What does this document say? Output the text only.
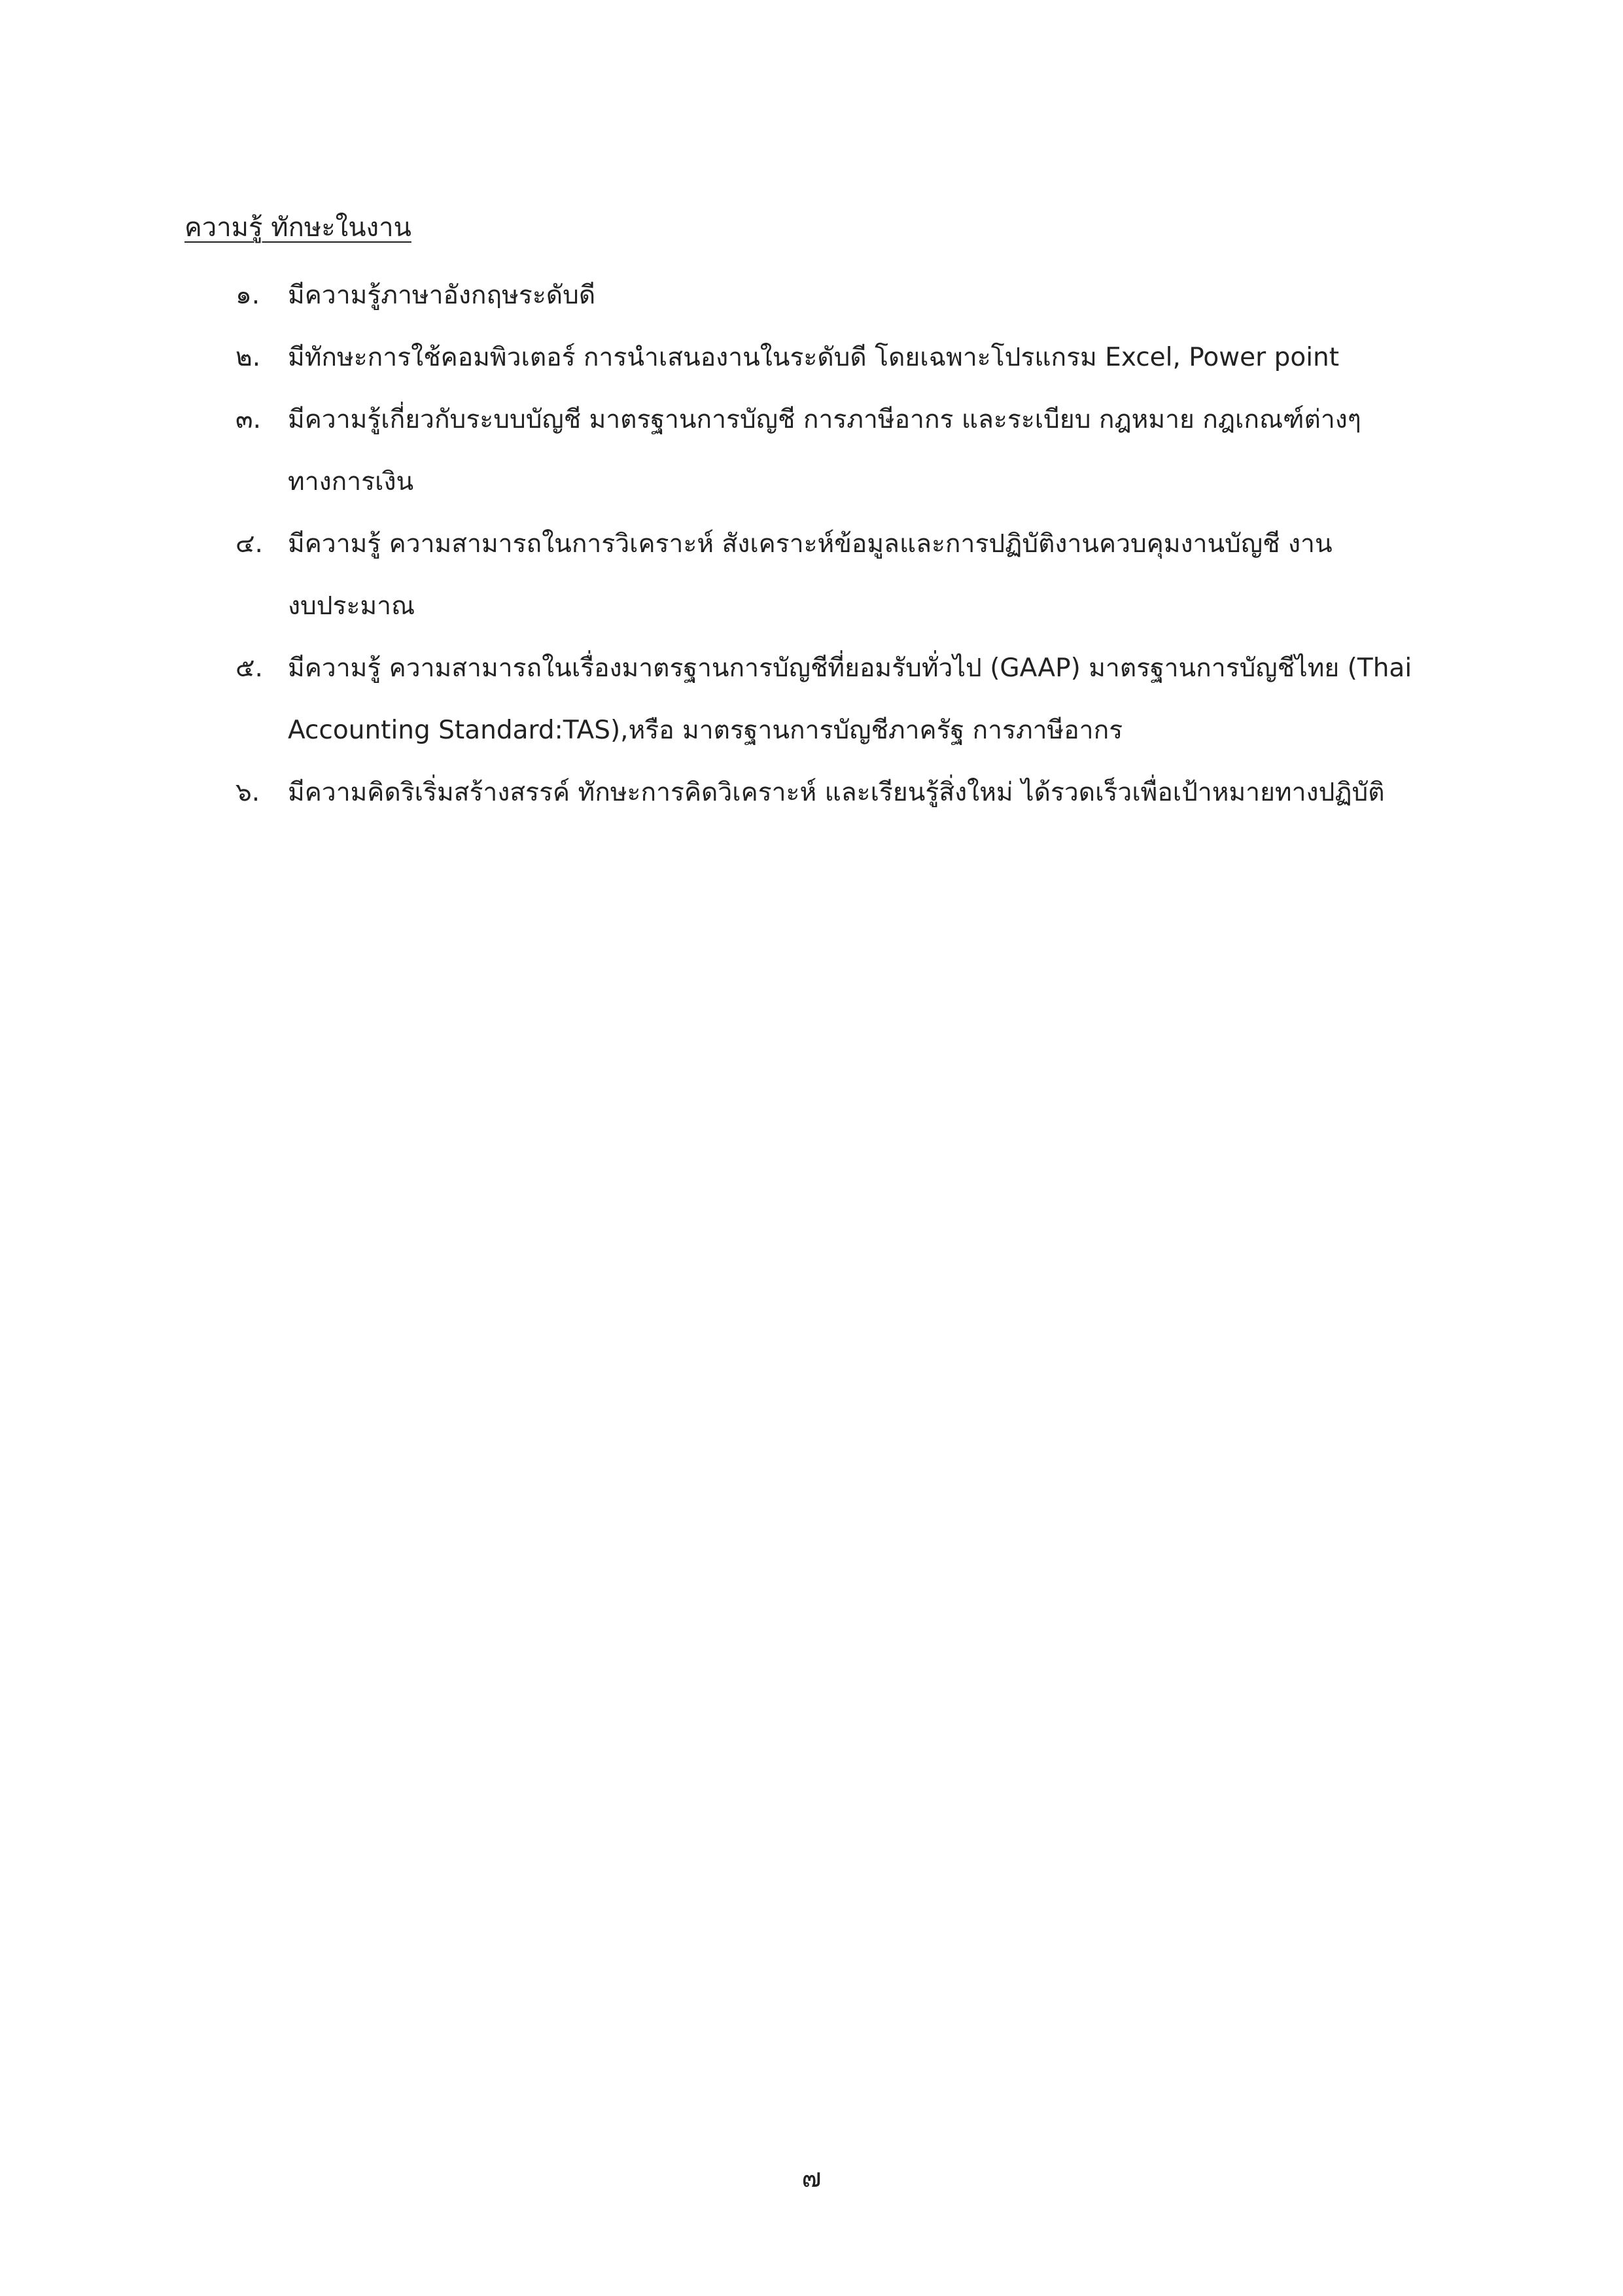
ความรู้ ทักษะในงาน
๑.	มีความรู้ภาษาอังกฤษระดับดี
๒.	มีทักษะการใช้คอมพิวเตอร์ การนำเสนองานในระดับดี โดยเฉพาะโปรแกรม Excel, Power point
๓.	มีความรู้เกี่ยวกับระบบบัญชี มาตรฐานการบัญชี การภาษีอากร และระเบียบ กฎหมาย กฎเกณฑ์ต่างๆ
ทางการเงิน
๔. มีความรู้ ความสามารถในการวิเคราะห์ สังเคราะห์ข้อมูลและการปฏิบัติงานควบคุมงานบัญชี งาน
งบประมาณ
๕. มีความรู้ ความสามารถในเรื่องมาตรฐานการบัญชีที่ยอมรับทั่วไป (GAAP) มาตรฐานการบัญชีไทย (Thai
Accounting Standard:TAS),หรือ มาตรฐานการบัญชีภาครัฐ การภาษีอากร
๖.	มีความคิดริเริ่มสร้างสรรค์ ทักษะการคิดวิเคราะห์ และเรียนรู้สิ่งใหม่ ได้รวดเร็วเพื่อเป้าหมายทางปฏิบัติ
๗
